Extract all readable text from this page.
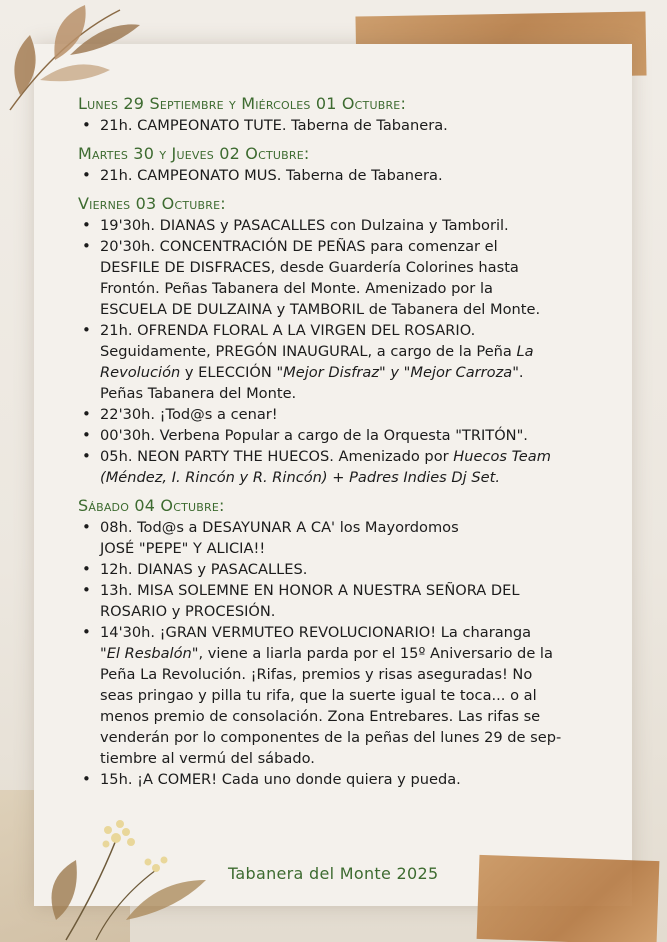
Lunes 29 Septiembre y Miércoles 01 Octubre:
• 21h. CAMPEONATO TUTE. Taberna de Tabanera.
Martes 30 y Jueves 02 Octubre:
• 21h. CAMPEONATO MUS. Taberna de Tabanera.
Viernes 03 Octubre:
• 19'30h. DIANAS y PASACALLES con Dulzaina y Tamboril.
• 20'30h. CONCENTRACIÓN DE PEÑAS para comenzar el
DESFILE DE DISFRACES, desde Guardería Colorines hasta
Frontón. Peñas Tabanera del Monte. Amenizado por la
ESCUELA DE DULZAINA y TAMBORIL de Tabanera del Monte.
• 21h. OFRENDA FLORAL A LA VIRGEN DEL ROSARIO.
Seguidamente, PREGÓN INAUGURAL, a cargo de la Peña La
Revolución y ELECCIÓN "Mejor Disfraz" y "Mejor Carroza".
Peñas Tabanera del Monte.
• 22'30h. ¡Tod@s a cenar!
• 00'30h. Verbena Popular a cargo de la Orquesta "TRITÓN".
• 05h. NEON PARTY THE HUECOS. Amenizado por Huecos Team
(Méndez, I. Rincón y R. Rincón) + Padres Indies Dj Set.
Sábado 04 Octubre:
• 08h. Tod@s a DESAYUNAR A CA' los Mayordomos
JOSÉ "PEPE" Y ALICIA!!
• 12h. DIANAS y PASACALLES.
• 13h. MISA SOLEMNE EN HONOR A NUESTRA SEÑORA DEL
ROSARIO y PROCESIÓN.
• 14'30h. ¡GRAN VERMUTEO REVOLUCIONARIO! La charanga
"El Resbalón", viene a liarla parda por el 15º Aniversario de la
Peña La Revolución. ¡Rifas, premios y risas aseguradas! No
seas pringao y pilla tu rifa, que la suerte igual te toca... o al
menos premio de consolación. Zona Entrebares. Las rifas se
venderán por lo componentes de la peñas del lunes 29 de sep-
tiembre al vermú del sábado.
• 15h. ¡A COMER! Cada uno donde quiera y pueda.
Tabanera del Monte 2025
